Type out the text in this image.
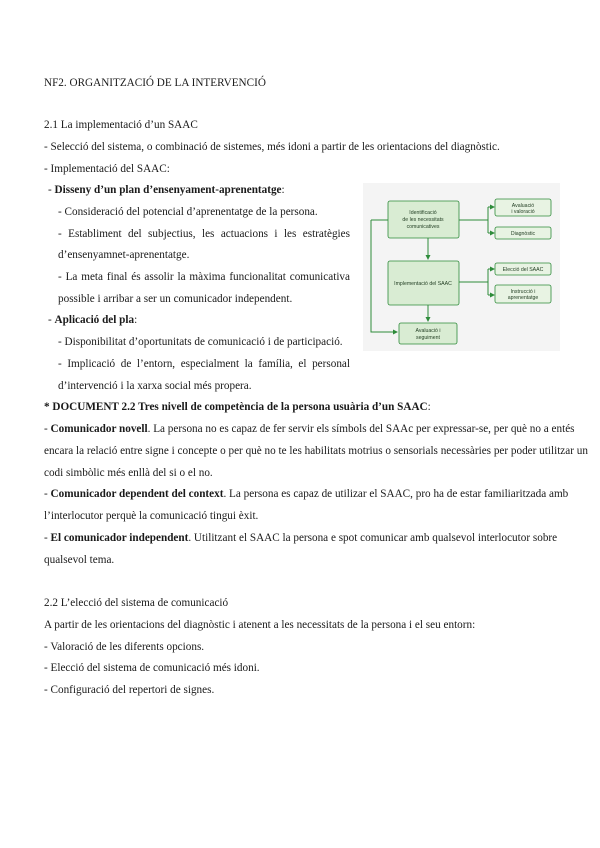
NF2. ORGANITZACIÓ DE LA INTERVENCIÓ
2.1 La implementació d’un SAAC
- Selecció del sistema, o combinació de sistemes, més idoni a partir de les orientacions del diagnòstic.
- Implementació del SAAC:
- Disseny d’un plan d’ensenyament-aprenentatge:
- Consideració del potencial d’aprenentatge de la persona.
- Establiment del subjectius, les actuacions i les estratègies
d’ensenyamnet-aprenentatge.
- La meta final és assolir la màxima funcionalitat comunicativa
possible i arribar a ser un comunicador independent.
- Aplicació del pla:
- Disponibilitat d’oportunitats de comunicació i de participació.
- Implicació de l’entorn, especialment la família, el personal
d’intervenció i la xarxa social més propera.
Identificació
de les necessitats
comunicatives
Avaluació
i valoració
Diagnòstic
Implementació del SAAC
Elecció del SAAC
Instrucció i
aprenentatge
Avaluació i
seguiment
* DOCUMENT 2.2 Tres nivell de competència de la persona usuària d’un SAAC:
- Comunicador novell. La persona no es capaz de fer servir els símbols del SAAc per expressar-se, per què no a entés
encara la relació entre signe i concepte o per què no te les habilitats motrius o sensorials necessàries per poder utilitzar un
codi simbòlic més enllà del si o el no.
- Comunicador dependent del context. La persona es capaz de utilizar el SAAC, pro ha de estar familiaritzada amb
l’interlocutor perquè la comunicació tingui èxit.
- El comunicador independent. Utilitzant el SAAC la persona e spot comunicar amb qualsevol interlocutor sobre
qualsevol tema.
2.2 L’elecció del sistema de comunicació
A partir de les orientacions del diagnòstic i atenent a les necessitats de la persona i el seu entorn:
- Valoració de les diferents opcions.
- Elecció del sistema de comunicació més idoni.
- Configuració del repertori de signes.
